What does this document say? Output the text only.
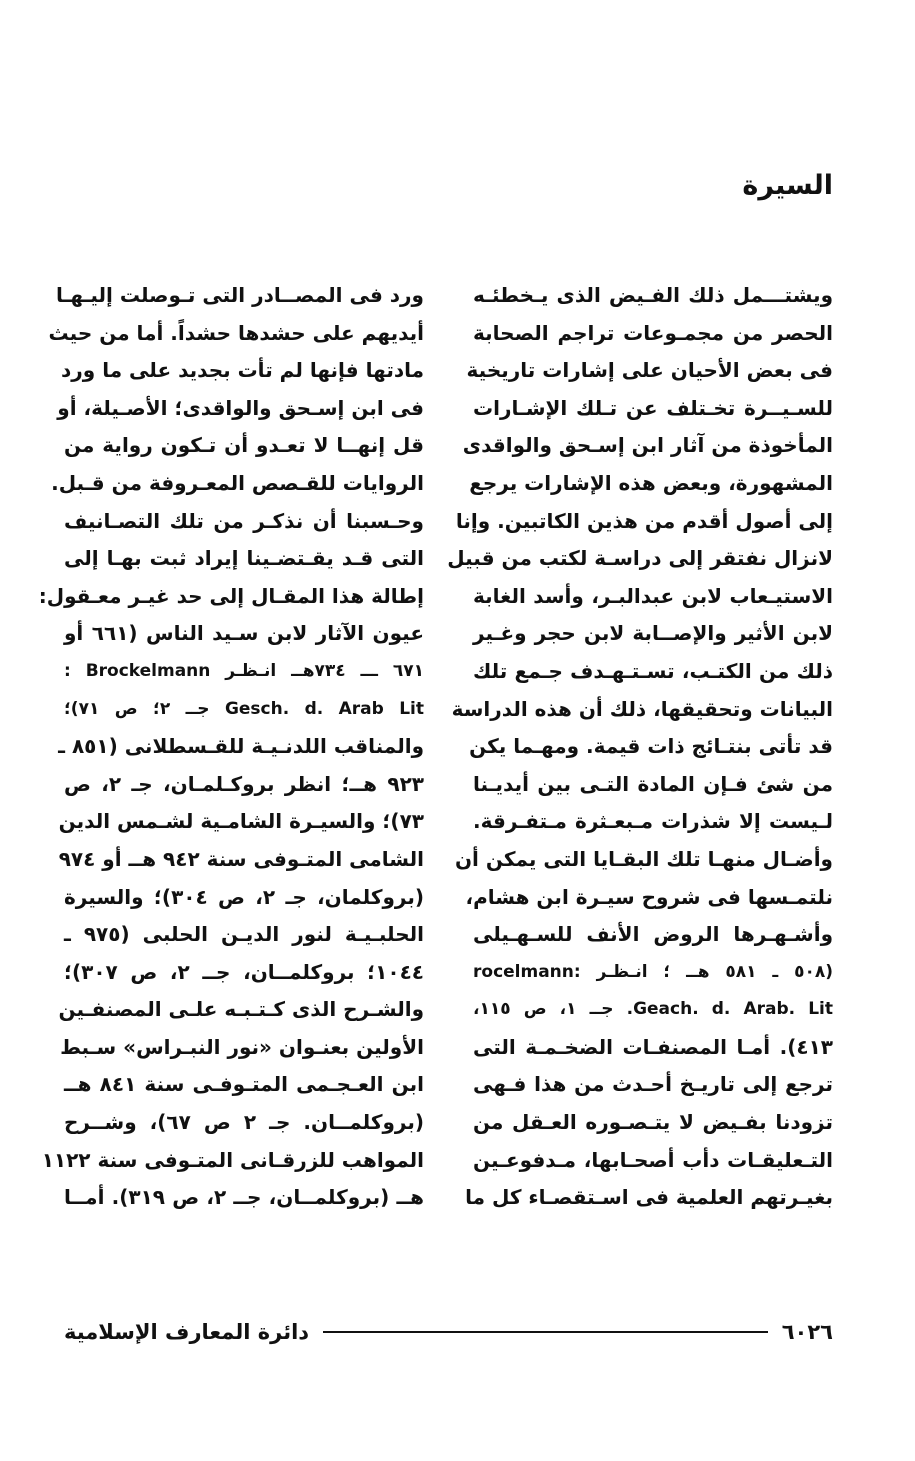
السيرة
ويشتـــمل ذلك الفـيض الذى يـخطئـه
الحصر من مجمـوعات تراجم الصحابة
فى بعض الأحيان على إشارات تاريخية
للسـيــرة تخـتلف عن تـلك الإشـارات
المأخوذة من آثار ابن إسـحق والواقدى
المشهورة، وبعض هذه الإشارات يرجع
إلى أصول أقدم من هذين الكاتبين. وإنا
لانزال نفتقر إلى دراسـة لكتب من قبيل
الاستيـعاب لابن عبدالبـر، وأسد الغابة
لابن الأثير والإصــابة لابن حجر وغـير
ذلك من الكتـب، تسـتـهـدف جـمع تلك
البيانات وتحقيقها، ذلك أن هذه الدراسة
قد تأتى بنتـائج ذات قيمة. ومهـما يكن
من شئ فـإن المادة التـى بين أيديـنا
لـيست إلا شذرات مـبعـثرة مـتفـرقة.
وأضـال منهـا تلك البقـايا التى يمكن أن
نلتمـسها فى شروح سيـرة ابن هشام،
وأشـهـرها الروض الأنف للسـهـيلى
(٥٠٨ ـ ٥٨١ هــ ؛ انـظـر :rocelmann
Geach. d. Arab. Lit. جــ ١، ص ١١٥،
٤١٣). أمـا المصنفـات الضخـمـة التى
ترجع إلى تاريـخ أحـدث من هذا فـهى
تزودنا بفـيض لا يتـصـوره العـقل من
التـعليقـات دأب أصحـابها، مـدفوعـين
بغيـرتهم العلمية فى اسـتقصـاء كل ما
ورد فى المصــادر التى تـوصلت إليـهـا
أيديهم على حشدها حشداً. أما من حيث
مادتها فإنها لم تأت بجديد على ما ورد
فى ابن إسـحق والواقدى؛ الأصـيلة، أو
قل إنهــا لا تعـدو أن تـكون رواية من
الروايات للقـصص المعـروفة من قـبل.
وحـسبنا أن نذكـر من تلك التصـانيف
التى قـد يقـتضـينا إيراد ثبت بهـا إلى
إطالة هذا المقـال إلى حد غيـر معـقول:
عيون الآثار لابن سـيد الناس (٦٦١ أو
٦٧١ ـــ ٧٣٤هــ انـظـر Brockelmann :
Gesch. d. Arab Lit جــ ٢؛ ص ٧١)؛
والمناقب اللدنـيـة للقـسطلانى (٨٥١ ـ
٩٢٣ هــ؛ انظر بروكـلمـان، جـ ٢، ص
٧٣)؛ والسيـرة الشامـية لشـمس الدين
الشامى المتـوفى سنة ٩٤٢ هــ أو ٩٧٤
(بروكلمان، جـ ٢، ص ٣٠٤)؛ والسيرة
الحلبـيـة لنور الديـن الحلبى (٩٧٥ ـ
١٠٤٤؛ بروكلمــان، جــ ٢، ص ٣٠٧)؛
والشـرح الذى كـتـبـه علـى المصنفـين
الأولين بعنـوان «نور النبـراس» سـبط
ابن العـجـمى المتـوفـى سنة ٨٤١ هــ
(بروكلمــان. جـ ٢ ص ٦٧)، وشــرح
المواهب للزرقـانى المتـوفى سنة ١١٢٢
هــ (بروكلمــان، جــ ٢، ص ٣١٩). أمــا
دائرة المعارف الإسلامية	٦٠٢٦
